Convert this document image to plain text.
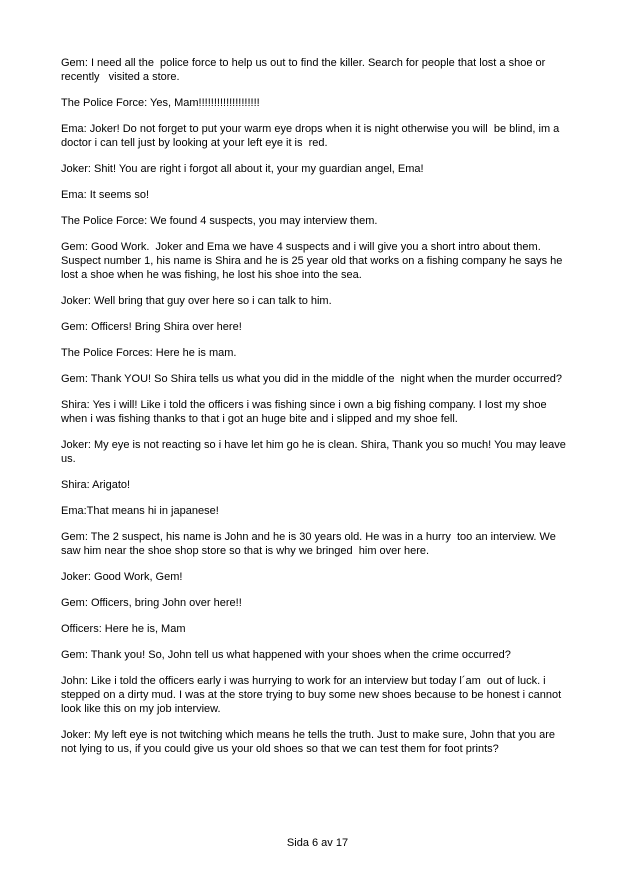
Gem: I need all the  police force to help us out to find the killer. Search for people that lost a shoe or recently   visited a store.

The Police Force: Yes, Mam!!!!!!!!!!!!!!!!!!!!

Ema: Joker! Do not forget to put your warm eye drops when it is night otherwise you will  be blind, im a doctor i can tell just by looking at your left eye it is  red.

Joker: Shit! You are right i forgot all about it, your my guardian angel, Ema!

Ema: It seems so!

The Police Force: We found 4 suspects, you may interview them.

Gem: Good Work.  Joker and Ema we have 4 suspects and i will give you a short intro about them. Suspect number 1, his name is Shira and he is 25 year old that works on a fishing company he says he lost a shoe when he was fishing, he lost his shoe into the sea.

Joker: Well bring that guy over here so i can talk to him.

Gem: Officers! Bring Shira over here!

The Police Forces: Here he is mam.

Gem: Thank YOU! So Shira tells us what you did in the middle of the  night when the murder occurred?

Shira: Yes i will! Like i told the officers i was fishing since i own a big fishing company. I lost my shoe when i was fishing thanks to that i got an huge bite and i slipped and my shoe fell.

Joker: My eye is not reacting so i have let him go he is clean. Shira, Thank you so much! You may leave us.

Shira: Arigato!

Ema:That means hi in japanese!

Gem: The 2 suspect, his name is John and he is 30 years old. He was in a hurry  too an interview. We saw him near the shoe shop store so that is why we bringed  him over here.

Joker: Good Work, Gem!

Gem: Officers, bring John over here!!

Officers: Here he is, Mam

Gem: Thank you! So, John tell us what happened with your shoes when the crime occurred?

John: Like i told the officers early i was hurrying to work for an interview but today l´am  out of luck. i stepped on a dirty mud. I was at the store trying to buy some new shoes because to be honest i cannot look like this on my job interview.

Joker: My left eye is not twitching which means he tells the truth. Just to make sure, John that you are not lying to us, if you could give us your old shoes so that we can test them for foot prints?

Sida 6 av 17
